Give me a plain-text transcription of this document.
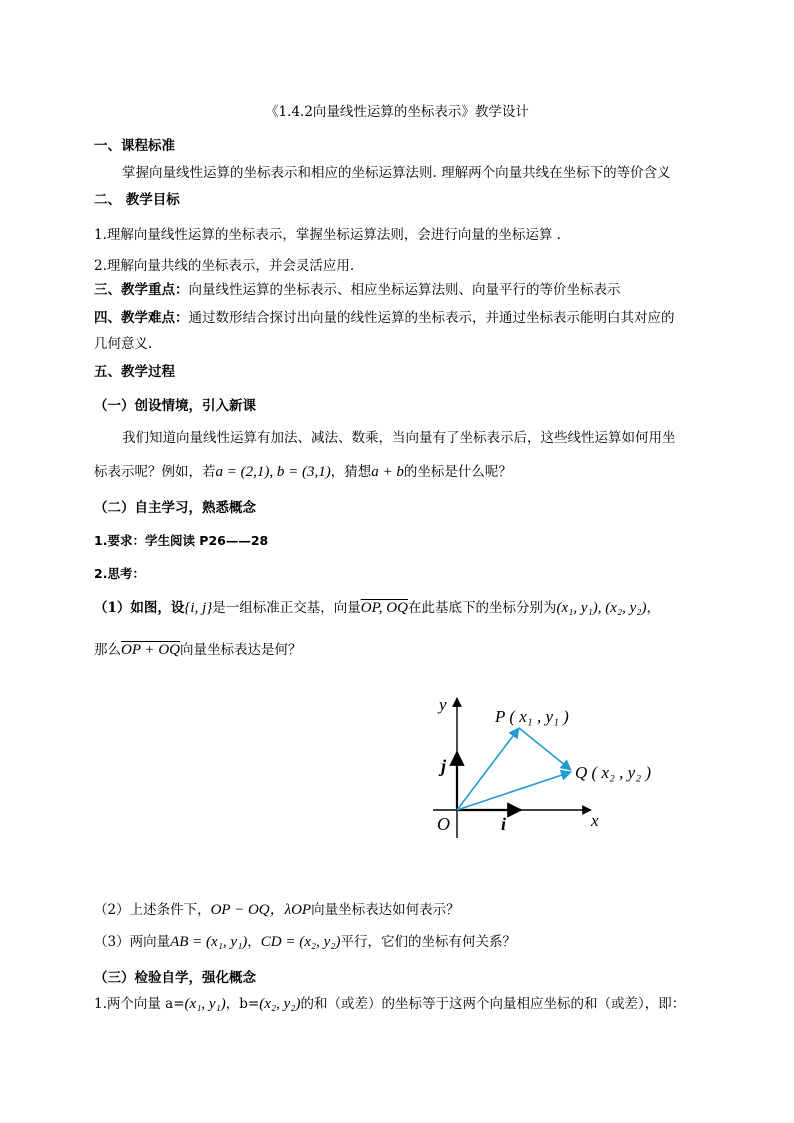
《1.4.2向量线性运算的坐标表示》教学设计
一、课程标准
掌握向量线性运算的坐标表示和相应的坐标运算法则. 理解两个向量共线在坐标下的等价含义
二、 教学目标
1.理解向量线性运算的坐标表示，掌握坐标运算法则，会进行向量的坐标运算 .
2.理解向量共线的坐标表示，并会灵活应用.
三、教学重点：向量线性运算的坐标表示、相应坐标运算法则、向量平行的等价坐标表示
四、教学难点：通过数形结合探讨出向量的线性运算的坐标表示，并通过坐标表示能明白其对应的
几何意义.
五、教学过程
（一）创设情境，引入新课
我们知道向量线性运算有加法、减法、数乘，当向量有了坐标表示后，这些线性运算如何用坐
标表示呢？例如，若a = (2,1), b = (3,1)，猜想a + b的坐标是什么呢？
（二）自主学习，熟悉概念
1.要求：学生阅读 P26——28
2.思考：
（1）如图，设{i, j}是一组标准正交基，向量OP, OQ在此基底下的坐标分别为(x₁, y₁), (x₂, y₂)，
那么OP + OQ向量坐标表达是何？
y
x
O
j
i
P ( x₁ , y₁ )
Q ( x₂ , y₂ )
（2）上述条件下，OP − OQ，λOP向量坐标表达如何表示？
（3）两向量AB = (x₁, y₁)，CD = (x₂, y₂)平行，它们的坐标有何关系？
（三）检验自学，强化概念
1.两个向量 a=(x₁, y₁)，b=(x₂, y₂)的和（或差）的坐标等于这两个向量相应坐标的和（或差），即：
